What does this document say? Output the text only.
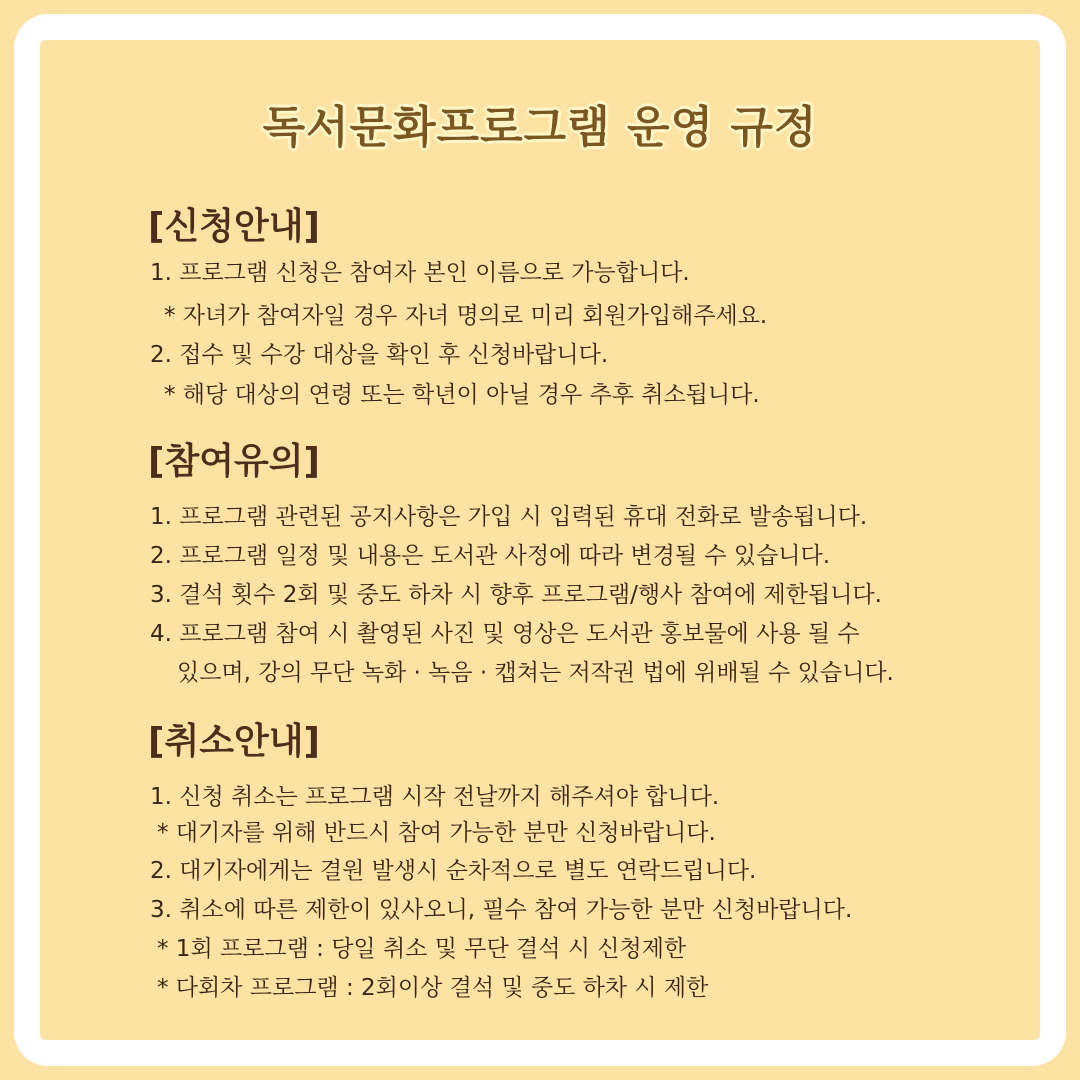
독서문화프로그램 운영 규정
[신청안내]
1. 프로그램 신청은 참여자 본인 이름으로 가능합니다.
* 자녀가 참여자일 경우 자녀 명의로 미리 회원가입해주세요.
2. 접수 및 수강 대상을 확인 후 신청바랍니다.
* 해당 대상의 연령 또는 학년이 아닐 경우 추후 취소됩니다.
[참여유의]
1. 프로그램 관련된 공지사항은 가입 시 입력된 휴대 전화로 발송됩니다.
2. 프로그램 일정 및 내용은 도서관 사정에 따라 변경될 수 있습니다.
3. 결석 횟수 2회 및 중도 하차 시 향후 프로그램/행사 참여에 제한됩니다.
4. 프로그램 참여 시 촬영된 사진 및 영상은 도서관 홍보물에 사용 될 수
있으며, 강의 무단 녹화 · 녹음 · 캡쳐는 저작권 법에 위배될 수 있습니다.
[취소안내]
1. 신청 취소는 프로그램 시작 전날까지 해주셔야 합니다.
* 대기자를 위해 반드시 참여 가능한 분만 신청바랍니다.
2. 대기자에게는 결원 발생시 순차적으로 별도 연락드립니다.
3. 취소에 따른 제한이 있사오니, 필수 참여 가능한 분만 신청바랍니다.
* 1회 프로그램 : 당일 취소 및 무단 결석 시 신청제한
* 다회차 프로그램 : 2회이상 결석 및 중도 하차 시 제한
